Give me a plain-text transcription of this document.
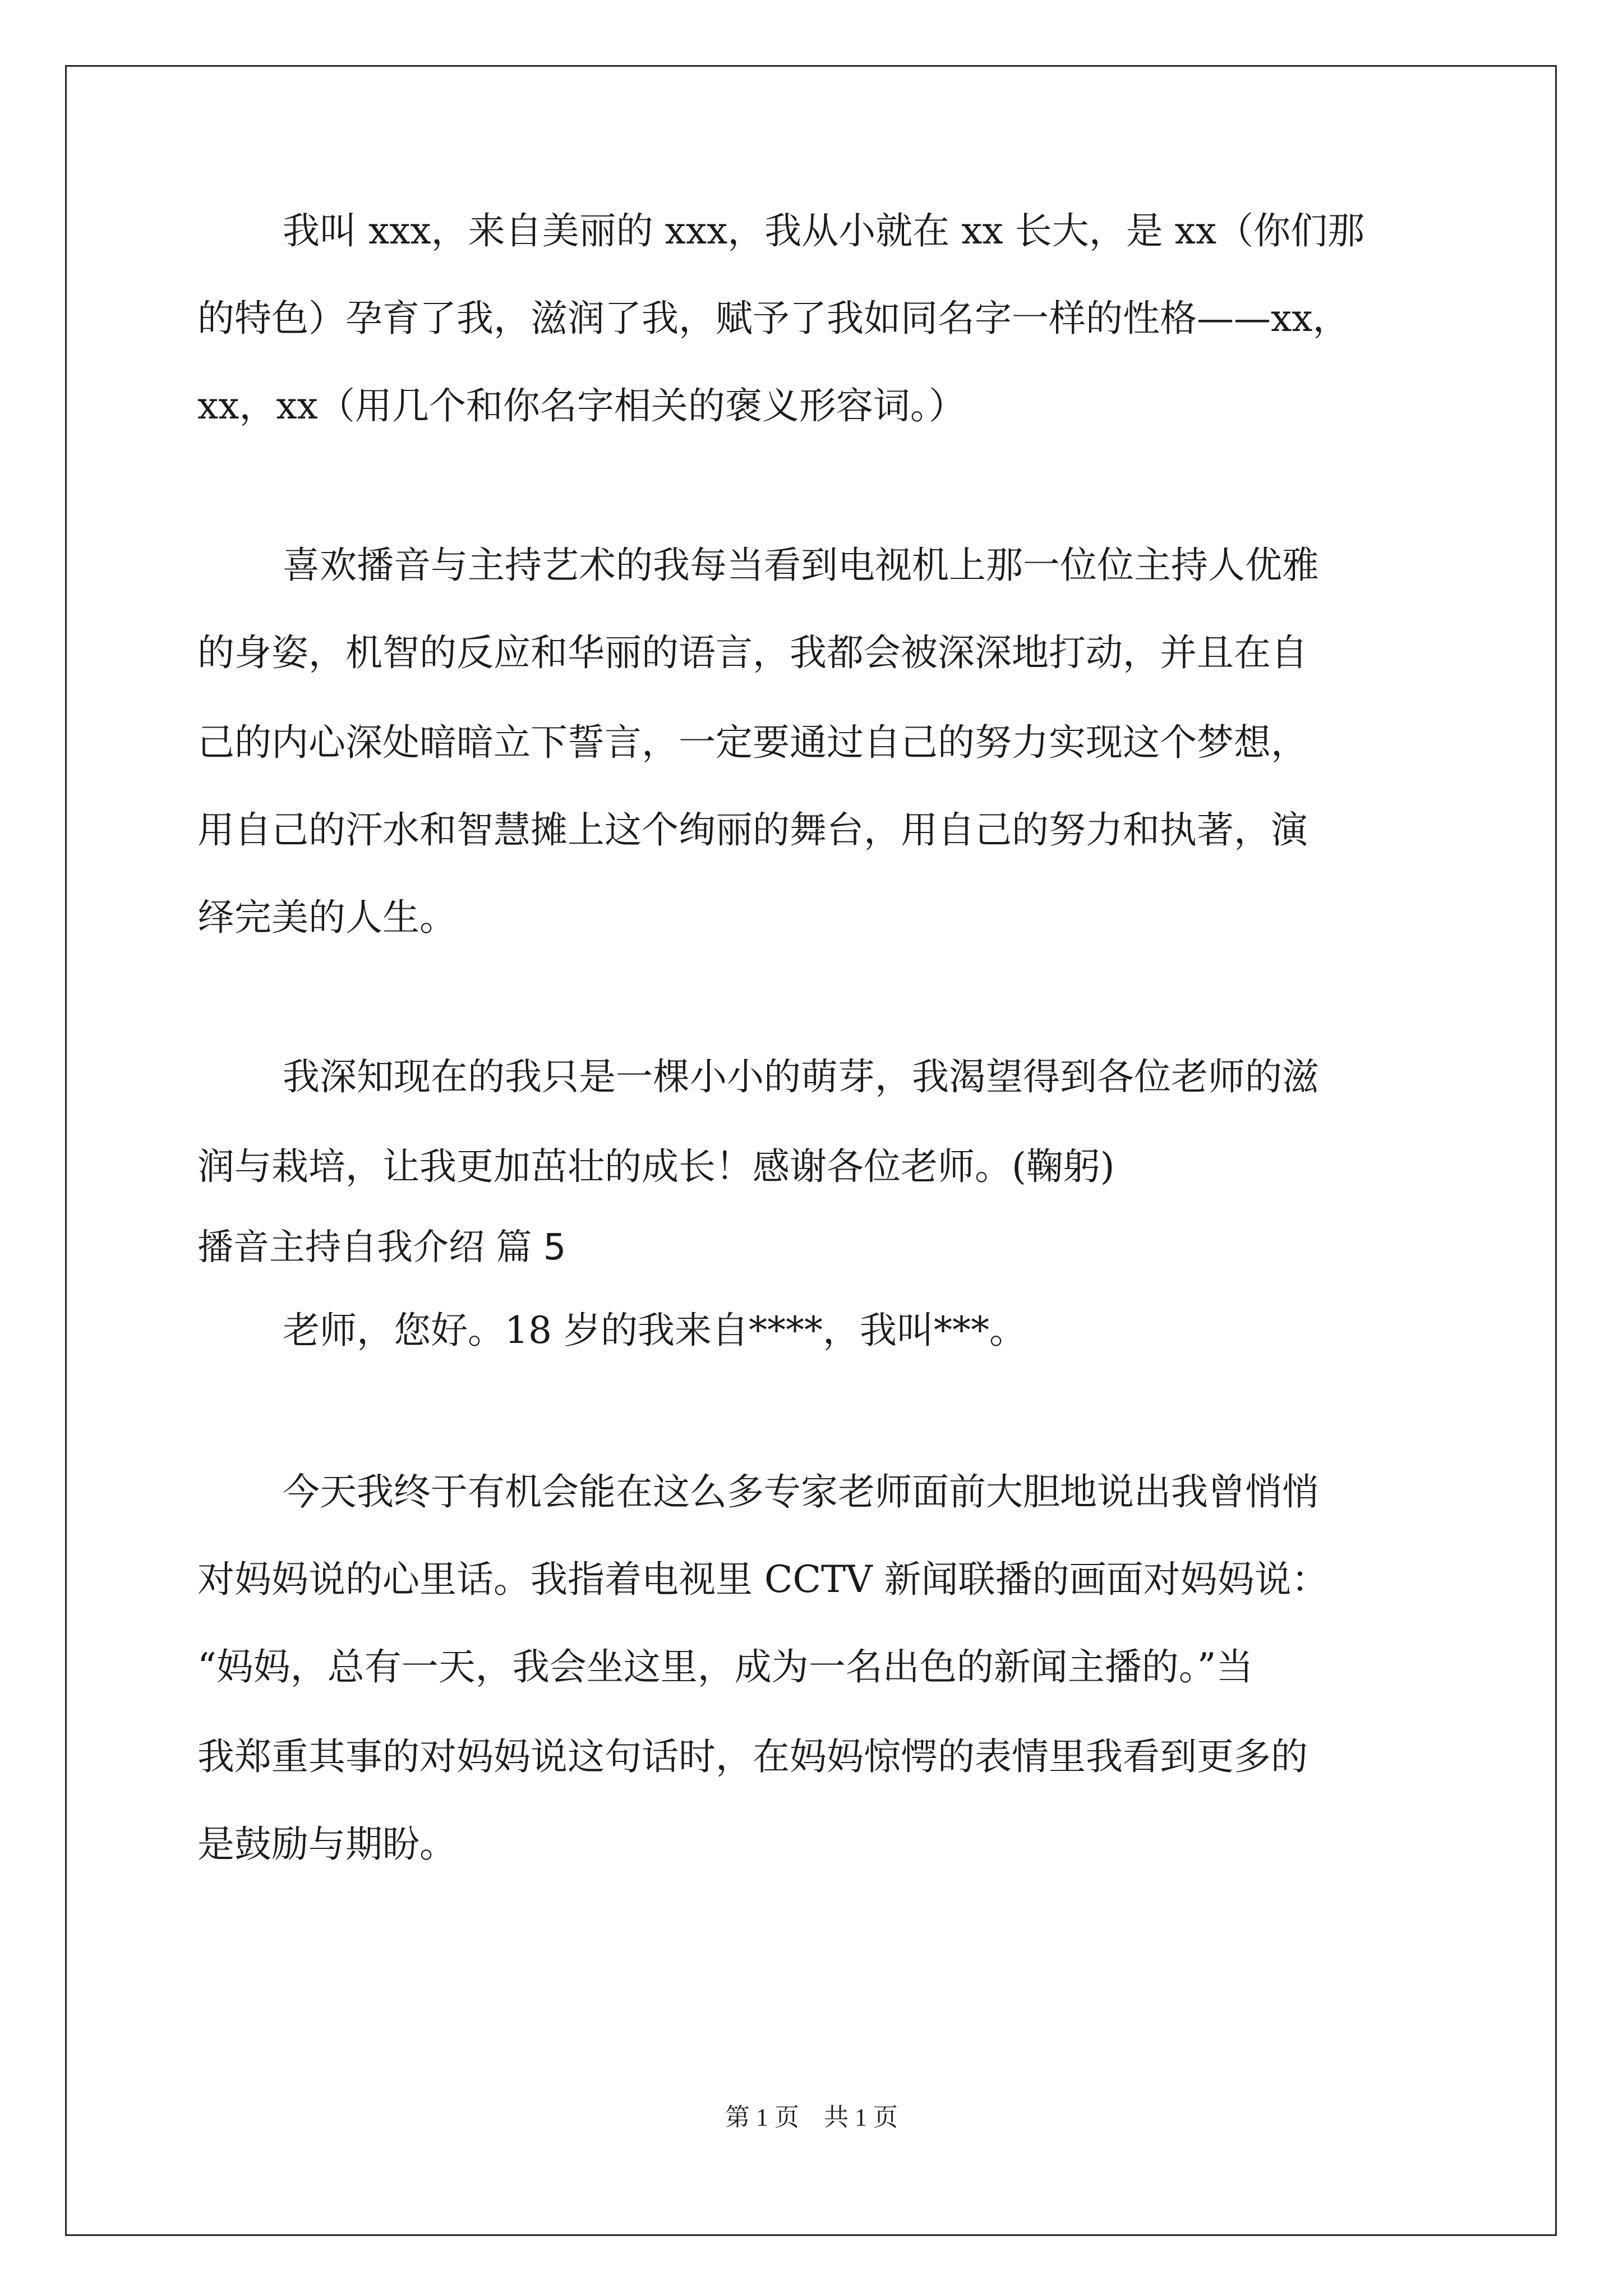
我叫 xxx，来自美丽的 xxx，我从小就在 xx 长大，是 xx（你们那

的特色）孕育了我，滋润了我，赋予了我如同名字一样的性格——xx，

xx，xx（用几个和你名字相关的褒义形容词。）

喜欢播音与主持艺术的我每当看到电视机上那一位位主持人优雅

的身姿，机智的反应和华丽的语言，我都会被深深地打动，并且在自

己的内心深处暗暗立下誓言，一定要通过自己的努力实现这个梦想，

用自己的汗水和智慧摊上这个绚丽的舞台，用自己的努力和执著，演

绎完美的人生。

我深知现在的我只是一棵小小的萌芽，我渴望得到各位老师的滋

润与栽培，让我更加茁壮的成长！感谢各位老师。(鞠躬)

播音主持自我介绍 篇 5

老师，您好。18 岁的我来自****，我叫***。

今天我终于有机会能在这么多专家老师面前大胆地说出我曾悄悄

对妈妈说的心里话。我指着电视里 CCTV 新闻联播的画面对妈妈说：

“妈妈，总有一天，我会坐这里，成为一名出色的新闻主播的。”当

我郑重其事的对妈妈说这句话时，在妈妈惊愕的表情里我看到更多的

是鼓励与期盼。

第 1 页　共 1 页
